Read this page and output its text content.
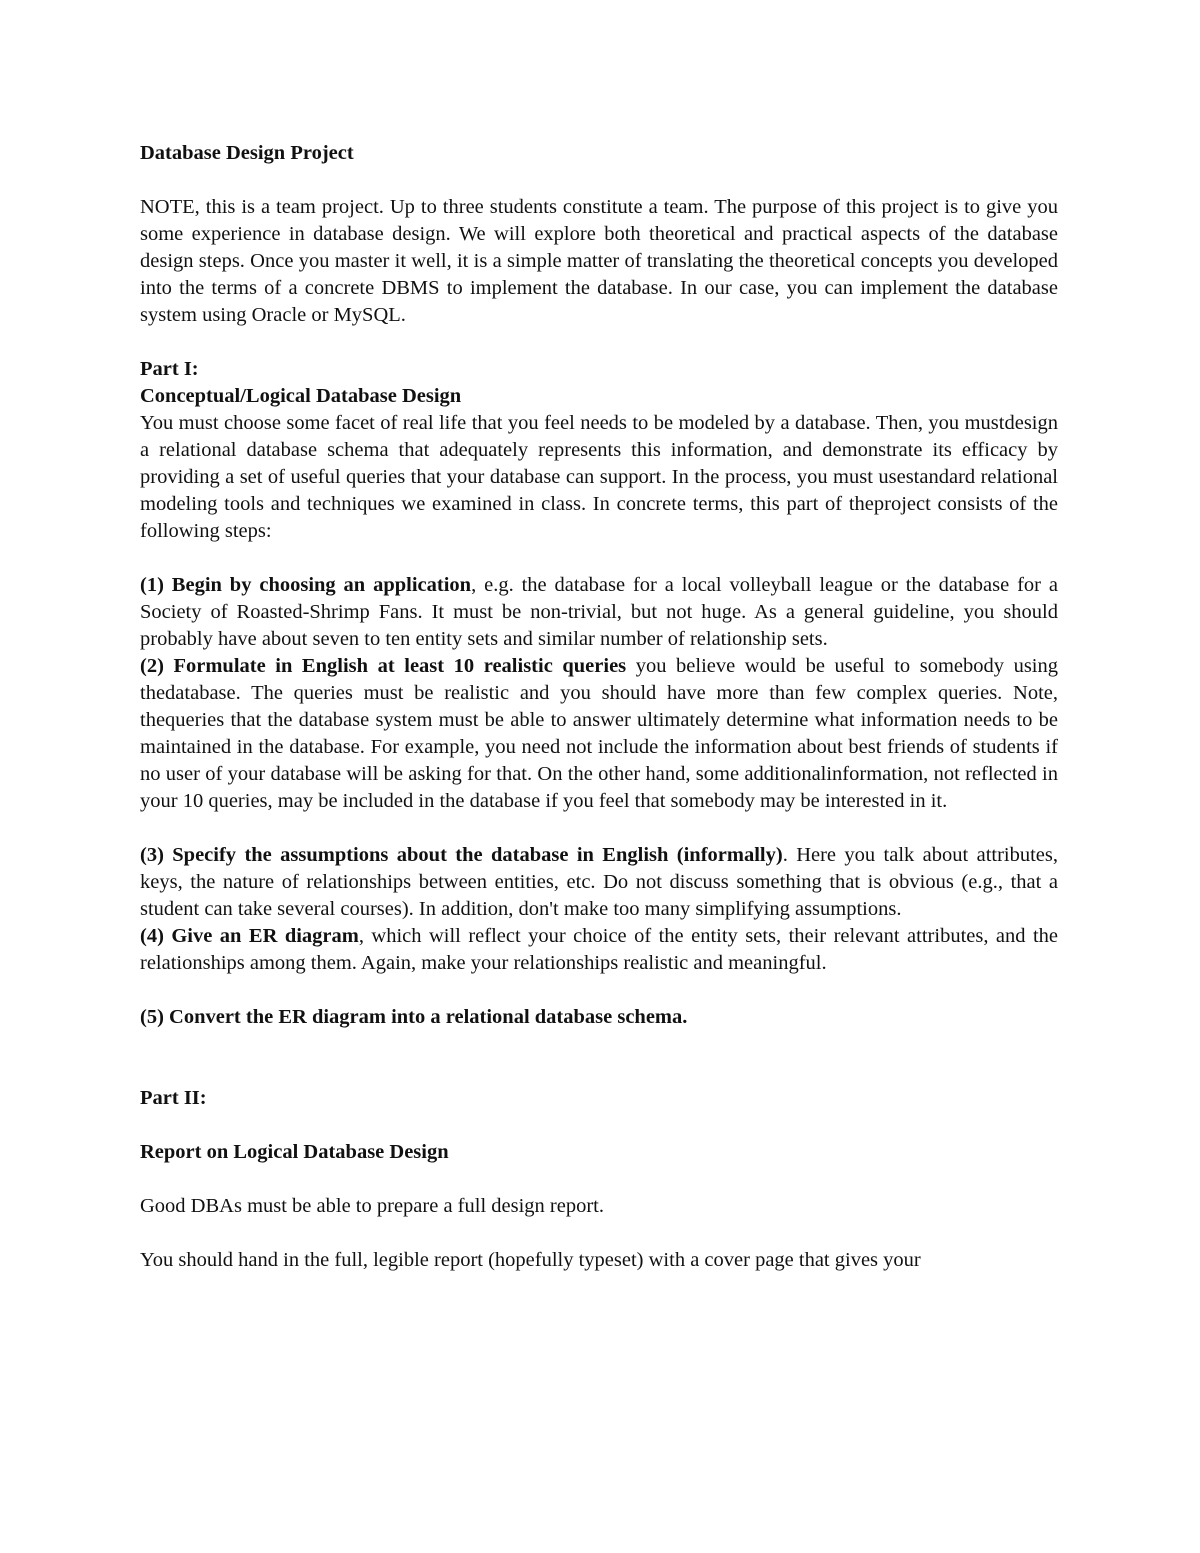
Database Design Project

NOTE, this is a team project. Up to three students constitute a team. The purpose of this project is to give you some experience in database design. We will explore both theoretical and practical aspects of the database design steps. Once you master it well, it is a simple matter of translating the theoretical concepts you developed into the terms of a concrete DBMS to implement the database. In our case, you can implement the database system using Oracle or MySQL.

Part I:

Conceptual/Logical Database Design

You must choose some facet of real life that you feel needs to be modeled by a database. Then, you mustdesign a relational database schema that adequately represents this information, and demonstrate its efficacy by providing a set of useful queries that your database can support. In the process, you must usestandard relational modeling tools and techniques we examined in class. In concrete terms, this part of theproject consists of the following steps:

(1) Begin by choosing an application, e.g. the database for a local volleyball league or the database for a Society of Roasted-Shrimp Fans. It must be non-trivial, but not huge. As a general guideline, you should probably have about seven to ten entity sets and similar number of relationship sets.

(2) Formulate in English at least 10 realistic queries you believe would be useful to somebody using thedatabase. The queries must be realistic and you should have more than few complex queries. Note, thequeries that the database system must be able to answer ultimately determine what information needs to be maintained in the database. For example, you need not include the information about best friends of students if no user of your database will be asking for that. On the other hand, some additionalinformation, not reflected in your 10 queries, may be included in the database if you feel that somebody may be interested in it.

(3) Specify the assumptions about the database in English (informally). Here you talk about attributes, keys, the nature of relationships between entities, etc. Do not discuss something that is obvious (e.g., that a student can take several courses). In addition, don't make too many simplifying assumptions.

(4) Give an ER diagram, which will reflect your choice of the entity sets, their relevant attributes, and the relationships among them. Again, make your relationships realistic and meaningful.

(5) Convert the ER diagram into a relational database schema.

Part II:

Report on Logical Database Design

Good DBAs must be able to prepare a full design report.

You should hand in the full, legible report (hopefully typeset) with a cover page that gives your
